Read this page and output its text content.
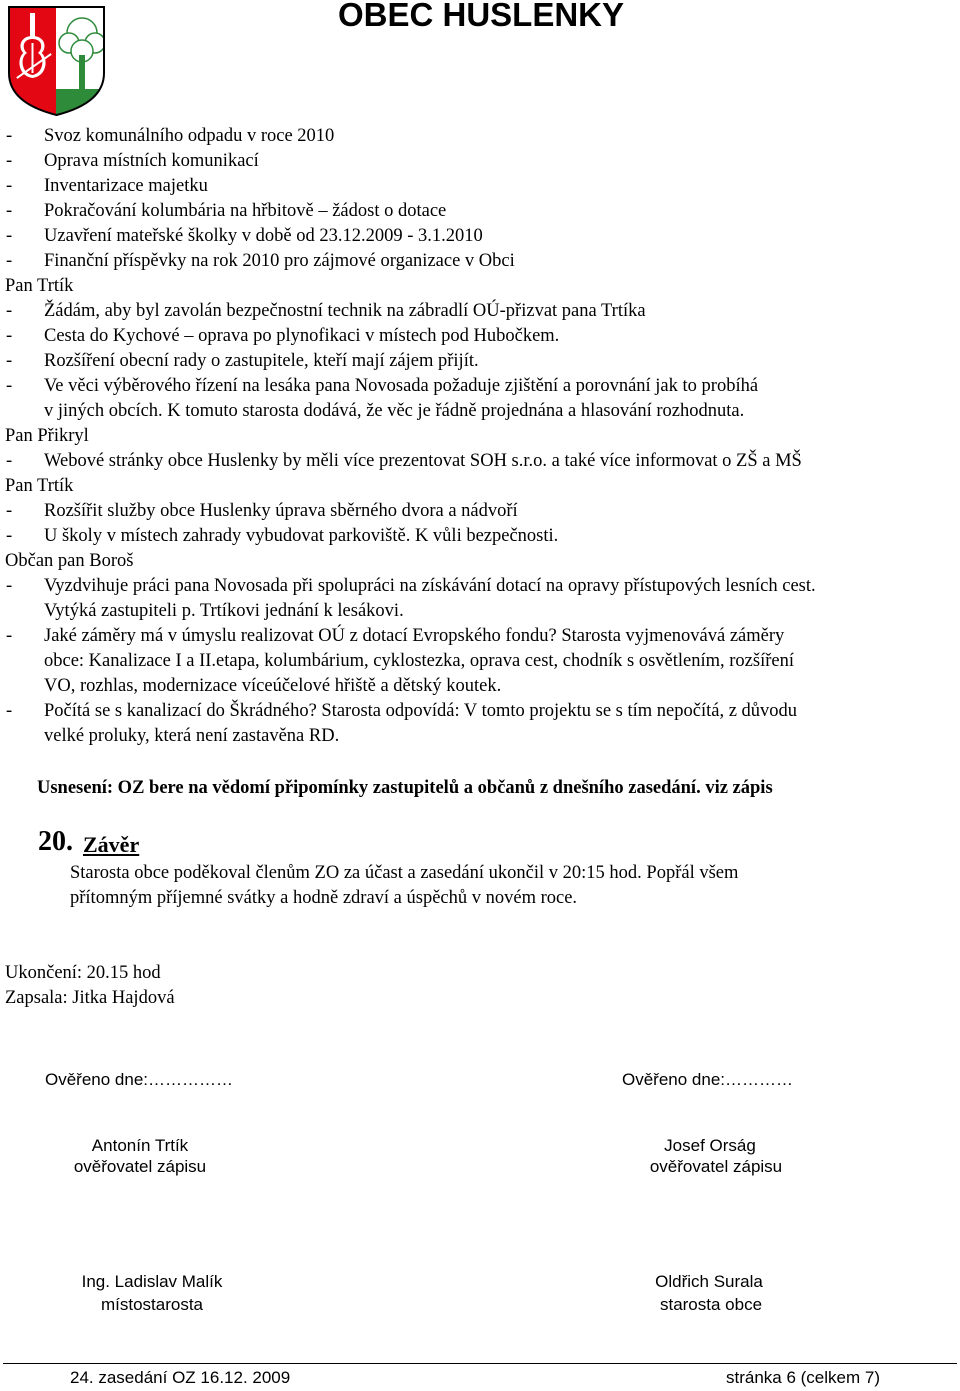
OBEC HUSLENKY
Svoz komunálního odpadu v roce 2010
-
Oprava místních komunikací
-
Inventarizace majetku
-
Pokračování kolumbária na hřbitově – žádost o dotace
-
Uzavření mateřské školky v době od 23.12.2009 - 3.1.2010
-
Finanční příspěvky na rok 2010 pro zájmové organizace v Obci
-
Pan Trtík
Žádám, aby byl zavolán bezpečnostní technik na zábradlí OÚ-přizvat pana Trtíka
-
Cesta do Kychové – oprava po plynofikaci v místech pod Hubočkem.
-
Rozšíření obecní rady o zastupitele, kteří mají zájem přijít.
-
Ve věci výběrového řízení na lesáka pana Novosada požaduje zjištění a porovnání jak to probíhá
-
v jiných obcích. K tomuto starosta dodává, že věc je řádně projednána a hlasování rozhodnuta.
Pan Přikryl
Webové stránky obce Huslenky by měli více prezentovat SOH s.r.o. a také více informovat o ZŠ a MŠ
-
Pan Trtík
Rozšířit služby obce Huslenky úprava sběrného dvora a nádvoří
-
U školy v místech zahrady vybudovat parkoviště. K vůli bezpečnosti.
-
Občan pan Boroš
Vyzdvihuje práci pana Novosada při spolupráci na získávání dotací na opravy přístupových lesních cest.
-
Vytýká zastupiteli p. Trtíkovi jednání k lesákovi.
Jaké záměry má v úmyslu realizovat OÚ z dotací Evropského fondu? Starosta vyjmenovává záměry
-
obce: Kanalizace I a II.etapa, kolumbárium, cyklostezka, oprava cest, chodník s osvětlením, rozšíření
VO, rozhlas, modernizace víceúčelové hřiště a dětský koutek.
Počítá se s kanalizací do Škrádného? Starosta odpovídá: V tomto projektu se s tím nepočítá, z důvodu
-
velké proluky, která není zastavěna RD.
Usnesení: OZ bere na vědomí připomínky zastupitelů a občanů z dnešního zasedání. viz zápis
20. Závěr
Starosta obce poděkoval členům ZO za účast a zasedání ukončil v 20:15 hod. Popřál všem
přítomným příjemné svátky a hodně zdraví a úspěchů v novém roce.
Ukončení: 20.15 hod
Zapsala: Jitka Hajdová
Ověřeno dne:……………	Ověřeno dne:…………
Antonín Trtík
ověřovatel zápisu
Josef Orság
ověřovatel zápisu
Ing. Ladislav Malík
místostarosta
Oldřich Surala
starosta obce
24. zasedání OZ 16.12. 2009	stránka 6 (celkem 7)
